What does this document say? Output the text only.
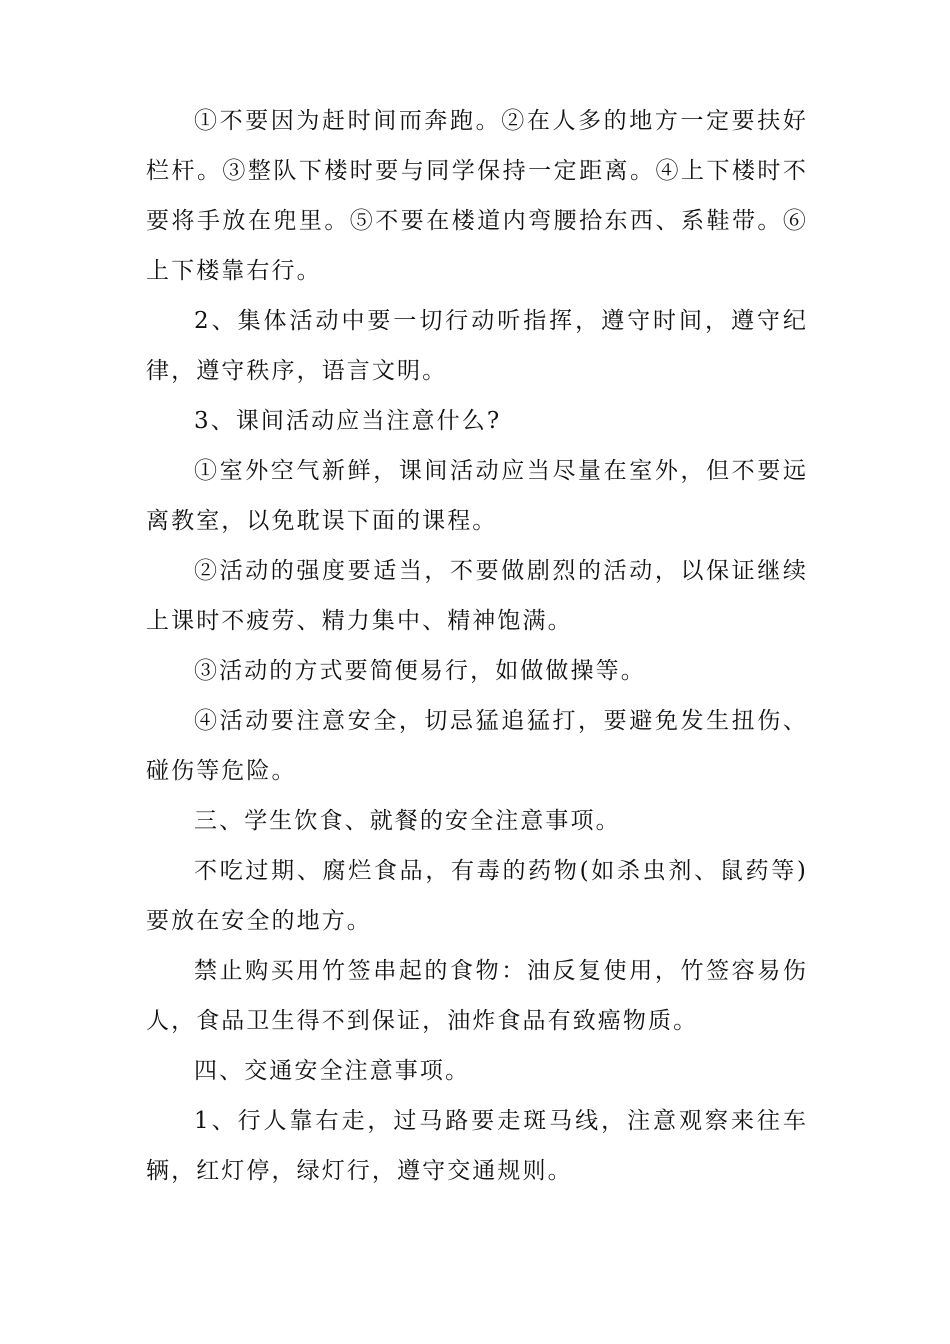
①不要因为赶时间而奔跑。②在人多的地方一定要扶好栏杆。③整队下楼时要与同学保持一定距离。④上下楼时不要将手放在兜里。⑤不要在楼道内弯腰拾东西、系鞋带。⑥上下楼靠右行。

2、集体活动中要一切行动听指挥，遵守时间，遵守纪律，遵守秩序，语言文明。

3、课间活动应当注意什么?

①室外空气新鲜，课间活动应当尽量在室外，但不要远离教室，以免耽误下面的课程。

②活动的强度要适当，不要做剧烈的活动，以保证继续上课时不疲劳、精力集中、精神饱满。

③活动的方式要简便易行，如做做操等。

④活动要注意安全，切忌猛追猛打，要避免发生扭伤、碰伤等危险。

三、学生饮食、就餐的安全注意事项。

不吃过期、腐烂食品，有毒的药物(如杀虫剂、鼠药等)要放在安全的地方。

禁止购买用竹签串起的食物：油反复使用，竹签容易伤人，食品卫生得不到保证，油炸食品有致癌物质。

四、交通安全注意事项。

1、行人靠右走，过马路要走斑马线，注意观察来往车辆，红灯停，绿灯行，遵守交通规则。
